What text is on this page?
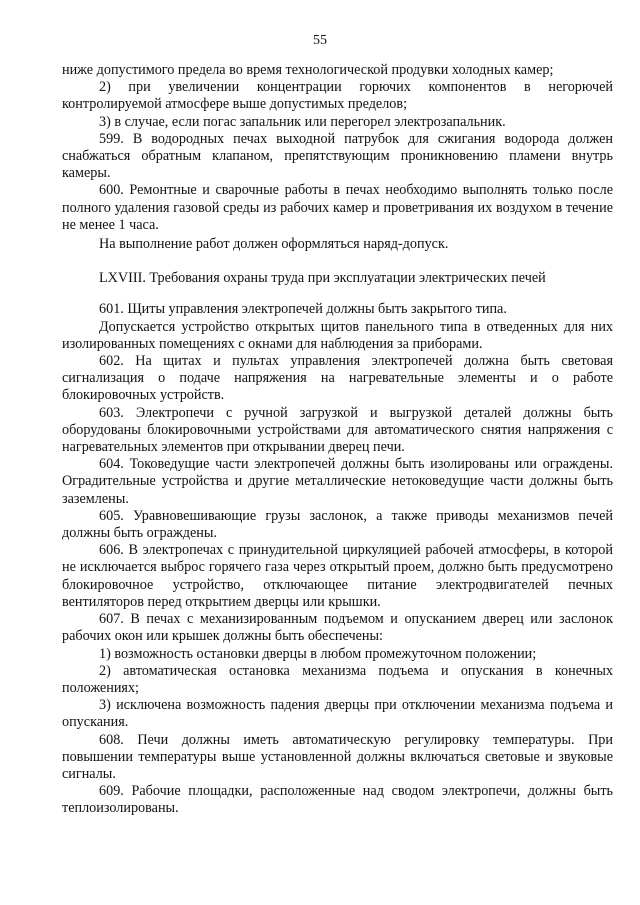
55

ниже допустимого предела во время технологической продувки холодных камер;

2) при увеличении концентрации горючих компонентов в негорючей контролируемой атмосфере выше допустимых пределов;

3) в случае, если погас запальник или перегорел электрозапальник.

599. В водородных печах выходной патрубок для сжигания водорода должен снабжаться обратным клапаном, препятствующим проникновению пламени внутрь камеры.

600. Ремонтные и сварочные работы в печах необходимо выполнять только после полного удаления газовой среды из рабочих камер и проветривания их воздухом в течение не менее 1 часа.

На выполнение работ должен оформляться наряд-допуск.

LXVIII. Требования охраны труда при эксплуатации электрических печей

601. Щиты управления электропечей должны быть закрытого типа.

Допускается устройство открытых щитов панельного типа в отведенных для них изолированных помещениях с окнами для наблюдения за приборами.

602. На щитах и пультах управления электропечей должна быть световая сигнализация о подаче напряжения на нагревательные элементы и о работе блокировочных устройств.

603. Электропечи с ручной загрузкой и выгрузкой деталей должны быть оборудованы блокировочными устройствами для автоматического снятия напряжения с нагревательных элементов при открывании дверец печи.

604. Токоведущие части электропечей должны быть изолированы или ограждены. Оградительные устройства и другие металлические нетоковедущие части должны быть заземлены.

605. Уравновешивающие грузы заслонок, а также приводы механизмов печей должны быть ограждены.

606. В электропечах с принудительной циркуляцией рабочей атмосферы, в которой не исключается выброс горячего газа через открытый проем, должно быть предусмотрено блокировочное устройство, отключающее питание электродвигателей печных вентиляторов перед открытием дверцы или крышки.

607. В печах с механизированным подъемом и опусканием дверец или заслонок рабочих окон или крышек должны быть обеспечены:

1) возможность остановки дверцы в любом промежуточном положении;

2) автоматическая остановка механизма подъема и опускания в конечных положениях;

3) исключена возможность падения дверцы при отключении механизма подъема и опускания.

608. Печи должны иметь автоматическую регулировку температуры. При повышении температуры выше установленной должны включаться световые и звуковые сигналы.

609. Рабочие площадки, расположенные над сводом электропечи, должны быть теплоизолированы.
